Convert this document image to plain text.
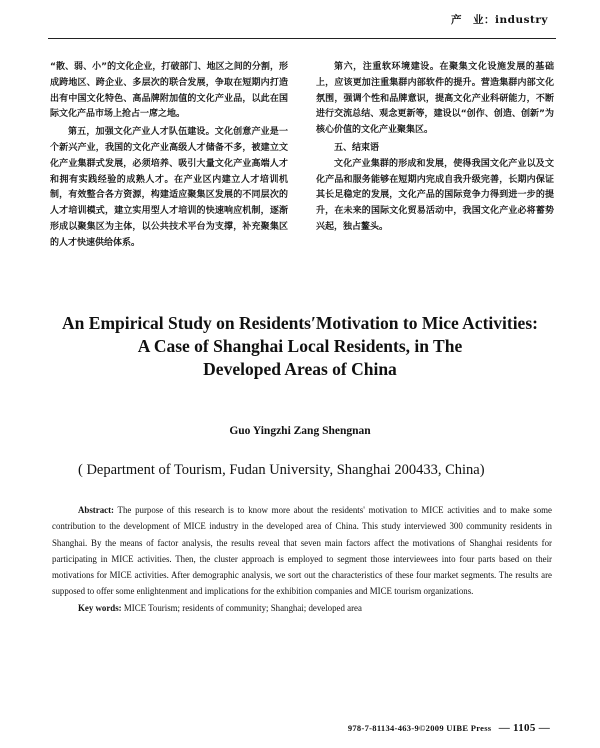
产　业：industry

“散、弱、小”的文化企业，打破部门、地区之间的分割，形成跨地区、跨企业、多层次的联合发展，争取在短期内打造出有中国文化特色、高品牌附加值的文化产业品，以此在国际文化产品市场上抢占一席之地。

第五，加强文化产业人才队伍建设。文化创意产业是一个新兴产业，我国的文化产业高级人才储备不多，被建立文化产业集群式发展，必须培养、吸引大量文化产业高端人才和拥有实践经验的成熟人才。在产业区内建立人才培训机制，有效整合各方资源，构建适应聚集区发展的不同层次的人才培训模式，建立实用型人才培训的快速响应机制，逐渐形成以聚集区为主体，以公共技术平台为支撑，补充聚集区的人才快速供给体系。

第六，注重软环境建设。在聚集文化设施发展的基础上，应该更加注重集群内部软件的提升。营造集群内部文化氛围，强调个性和品牌意识，提高文化产业科研能力，不断进行交流总结、观念更新等，建设以“创作、创造、创新”为核心价值的文化产业聚集区。

五、结束语

文化产业集群的形成和发展，使得我国文化产业以及文化产品和服务能够在短期内完成自我升级完善，长期内保证其长足稳定的发展，文化产品的国际竞争力得到进一步的提升，在未来的国际文化贸易活动中，我国文化产业必将蓄势兴起，独占鳌头。

An Empirical Study on Residents′Motivation to Mice Activities:
A Case of Shanghai Local Residents, in The
Developed Areas of China
Guo Yingzhi Zang Shengnan
( Department of Tourism, Fudan University, Shanghai 200433, China)

Abstract: The purpose of this research is to know more about the residents' motivation to MICE activities and to make some contribution to the development of MICE industry in the developed area of China. This study interviewed 300 community residents in Shanghai. By the means of factor analysis, the results reveal that seven main factors affect the motivations of Shanghai residents for participating in MICE activities. Then, the cluster approach is employed to segment those interviewees into four parts based on their motivations for MICE activities. After demographic analysis, we sort out the characteristics of these four market segments. The results are supposed to offer some enlightenment and implications for the exhibition companies and MICE tourism organizations.

Key words: MICE Tourism; residents of community; Shanghai; developed area

978-7-81134-463-9©2009 UIBE Press — 1105 —
